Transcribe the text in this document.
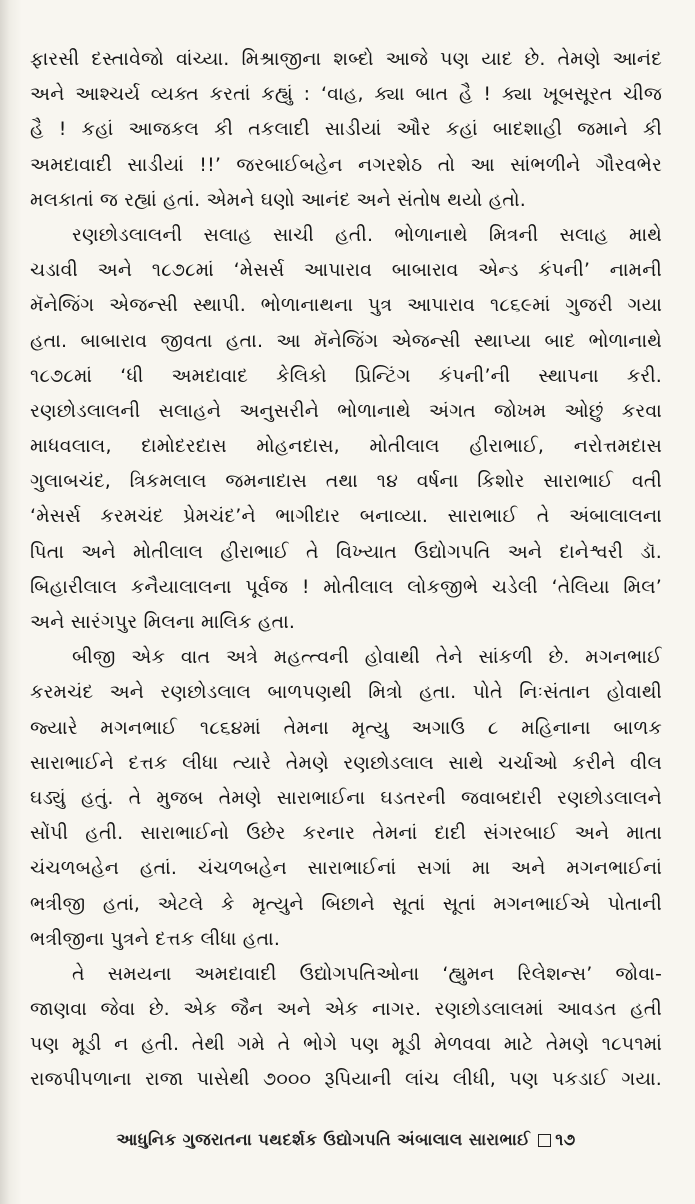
ફારસી દસ્તાવેજો વાંચ્યા. મિશ્રાજીના શબ્દો આજે પણ યાદ છે. તેમણે આનંદ
અને આશ્ચર્ય વ્યક્ત કરતાં કહ્યું : ‘વાહ, ક્યા બાત હૈ ! ક્યા ખૂબસૂરત ચીજ
હૈ ! કહાં આજકલ કી તકલાદી સાડીયાં ઔર કહાં બાદશાહી જમાને કી
અમદાવાદી સાડીયાં !!’ જરબાઈબહેન નગરશેઠ તો આ સાંભળીને ગૌરવભેર
મલકાતાં જ રહ્યાં હતાં. એમને ઘણો આનંદ અને સંતોષ થયો હતો.
રણછોડલાલની સલાહ સાચી હતી. ભોળાનાથે મિત્રની સલાહ માથે
ચડાવી અને ૧૮૭૮માં ‘મેસર્સ આપારાવ બાબારાવ એન્ડ કંપની’ નામની
મૅનેજિંગ એજન્સી સ્થાપી. ભોળાનાથના પુત્ર આપારાવ ૧૮૬૯માં ગુજરી ગયા
હતા. બાબારાવ જીવતા હતા. આ મૅનેજિંગ એજન્સી સ્થાપ્યા બાદ ભોળાનાથે
૧૮૭૮માં ‘ધી અમદાવાદ કેલિકો પ્રિન્ટિંગ કંપની’ની સ્થાપના કરી.
રણછોડલાલની સલાહને અનુસરીને ભોળાનાથે અંગત જોખમ ઓછું કરવા
માધવલાલ, દામોદરદાસ મોહનદાસ, મોતીલાલ હીરાભાઈ, નરોત્તમદાસ
ગુલાબચંદ, ત્રિકમલાલ જમનાદાસ તથા ૧૪ વર્ષના કિશોર સારાભાઈ વતી
‘મેસર્સ કરમચંદ પ્રેમચંદ’ને ભાગીદાર બનાવ્યા. સારાભાઈ તે અંબાલાલના
પિતા અને મોતીલાલ હીરાભાઈ તે વિખ્યાત ઉદ્યોગપતિ અને દાનેશ્વરી ડૉ.
બિહારીલાલ કનૈયાલાલના પૂર્વજ ! મોતીલાલ લોકજીભે ચડેલી ‘તેલિયા મિલ’
અને સારંગપુર મિલના માલિક હતા.
બીજી એક વાત અત્રે મહત્ત્વની હોવાથી તેને સાંકળી છે. મગનભાઈ
કરમચંદ અને રણછોડલાલ બાળપણથી મિત્રો હતા. પોતે નિઃસંતાન હોવાથી
જ્યારે મગનભાઈ ૧૮૬૪માં તેમના મૃત્યુ અગાઉ ૮ મહિનાના બાળક
સારાભાઈને દત્તક લીધા ત્યારે તેમણે રણછોડલાલ સાથે ચર્ચાઓ કરીને વીલ
ઘડ્યું હતું. તે મુજબ તેમણે સારાભાઈના ઘડતરની જવાબદારી રણછોડલાલને
સોંપી હતી. સારાભાઈનો ઉછેર કરનાર તેમનાં દાદી સંગરબાઈ અને માતા
ચંચળબહેન હતાં. ચંચળબહેન સારાભાઈનાં સગાં મા અને મગનભાઈનાં
ભત્રીજી હતાં, એટલે કે મૃત્યુને બિછાને સૂતાં સૂતાં મગનભાઈએ પોતાની
ભત્રીજીના પુત્રને દત્તક લીધા હતા.
તે સમયના અમદાવાદી ઉદ્યોગપતિઓના ‘હ્યુમન રિલેશન્સ’ જોવા-
જાણવા જેવા છે. એક જૈન અને એક નાગર. રણછોડલાલમાં આવડત હતી
પણ મૂડી ન હતી. તેથી ગમે તે ભોગે પણ મૂડી મેળવવા માટે તેમણે ૧૮૫૧માં
રાજપીપળાના રાજા પાસેથી ૭૦૦૦ રૂપિયાની લાંચ લીધી, પણ પકડાઈ ગયા.
આધુનિક ગુજરાતના પથદર્શક ઉદ્યોગપતિ અંબાલાલ સારાભાઈ ૧૭
